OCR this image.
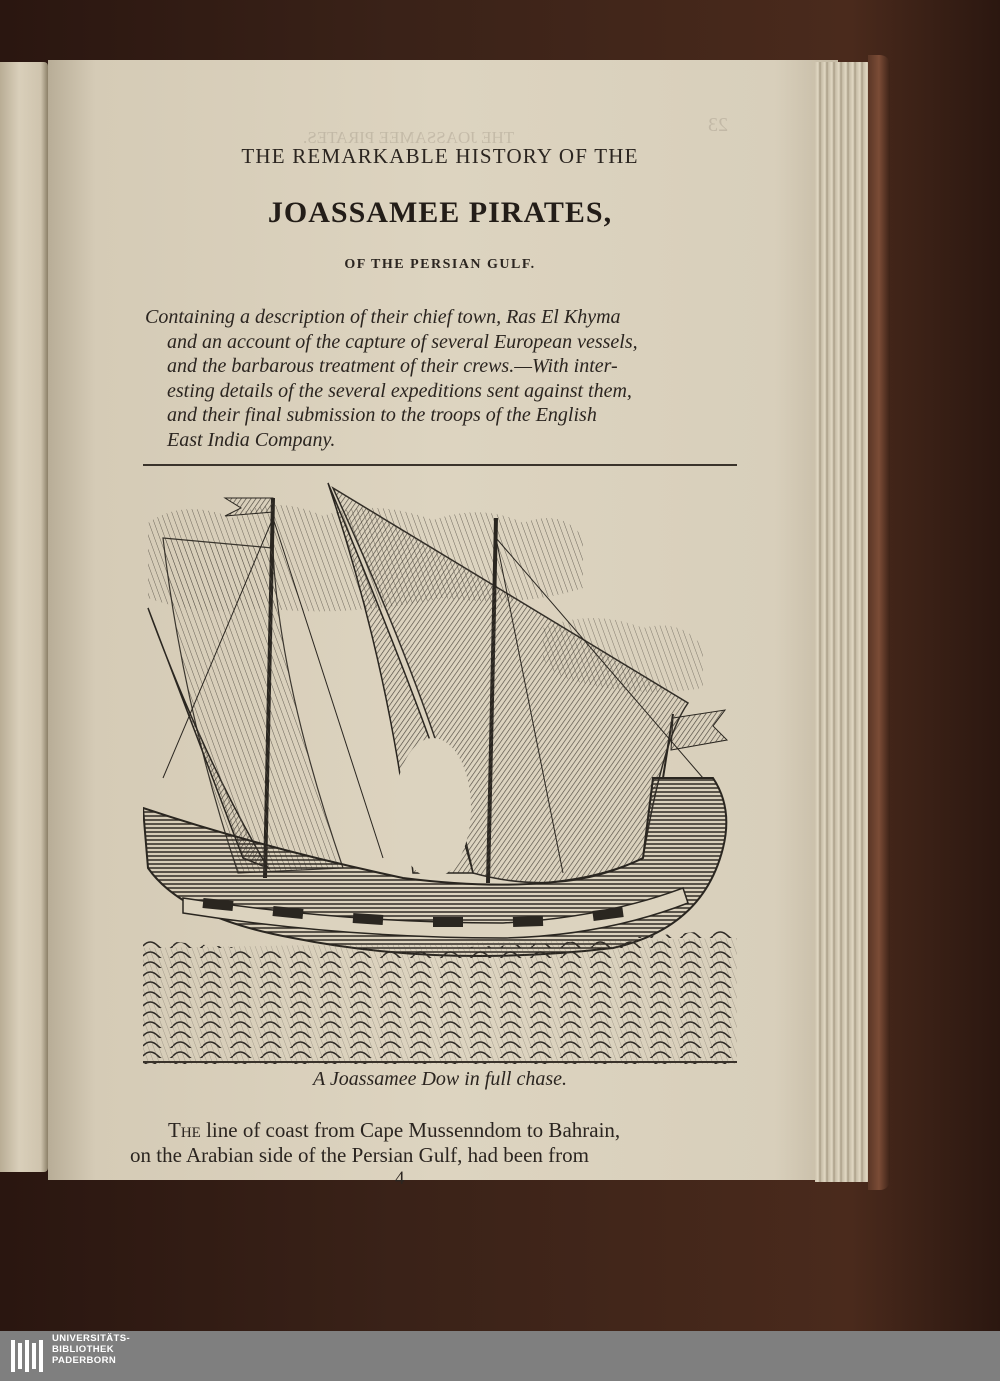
THE JOASSAMEE PIRATES.
23
THE REMARKABLE HISTORY OF THE
JOASSAMEE PIRATES,
OF THE PERSIAN GULF.
Containing a description of their chief town, Ras El Khyma
and an account of the capture of several European vessels,
and the barbarous treatment of their crews.—With inter-
esting details of the several expeditions sent against them,
and their final submission to the troops of the English
East India Company.
A Joassamee Dow in full chase.
The line of coast from Cape Mussenndom to Bahrain,
on the Arabian side of the Persian Gulf, had been from
4
UNIVERSITÄTS-
BIBLIOTHEK
PADERBORN
